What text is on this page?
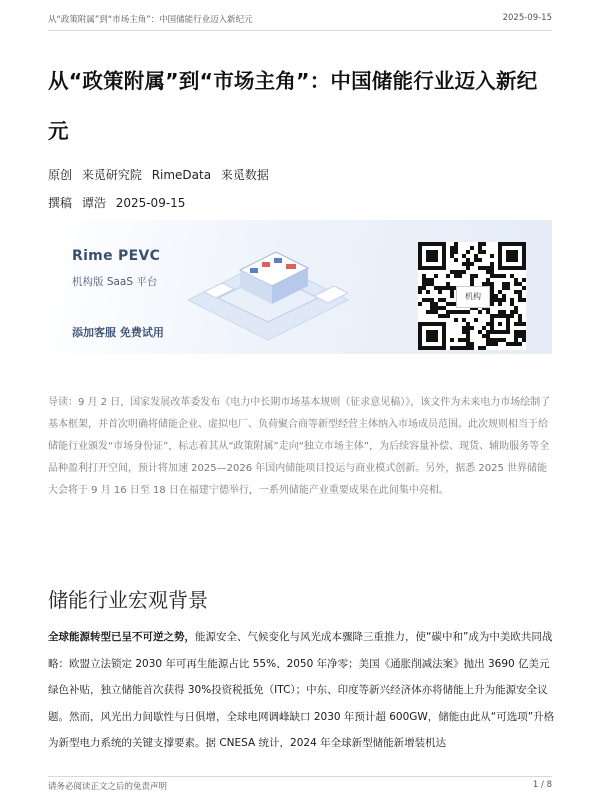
从“政策附属”到“市场主角”：中国储能行业迈入新纪元	2025-09-15
从“政策附属”到“市场主角”：中国储能行业迈入新纪元
原创 来觅研究院 RimeData 来觅数据
撰稿 谭浩 2025-09-15
Rime PEVC
机构版 SaaS 平台
添加客服 免费试用
机构

导读：9 月 2 日，国家发展改革委发布《电力中长期市场基本规则（征求意见稿）》，该文件为未来电力市场绘制了基本框架，并首次明确将储能企业、虚拟电厂、负荷聚合商等新型经营主体纳入市场成员范围。此次规则相当于给储能行业颁发“市场身份证”，标志着其从“政策附属”走向“独立市场主体”，为后续容量补偿、现货、辅助服务等全品种盈利打开空间，预计将加速 2025—2026 年国内储能项目投运与商业模式创新。另外，据悉 2025 世界储能大会将于 9 月 16 日至 18 日在福建宁德举行，一系列储能产业重要成果在此间集中亮相。

储能行业宏观背景

全球能源转型已呈不可逆之势，能源安全、气候变化与风光成本骤降三重推力，使“碳中和”成为中美欧共同战略：欧盟立法锁定 2030 年可再生能源占比 55%、2050 年净零；美国《通胀削减法案》抛出 3690 亿美元绿色补贴，独立储能首次获得 30%投资税抵免（ITC）；中东、印度等新兴经济体亦将储能上升为能源安全议题。然而，风光出力间歇性与日俱增，全球电网调峰缺口 2030 年预计超 600GW，储能由此从“可选项”升格为新型电力系统的关键支撑要素。据 CNESA 统计，2024 年全球新型储能新增装机达

请务必阅读正文之后的免责声明	1 / 8
